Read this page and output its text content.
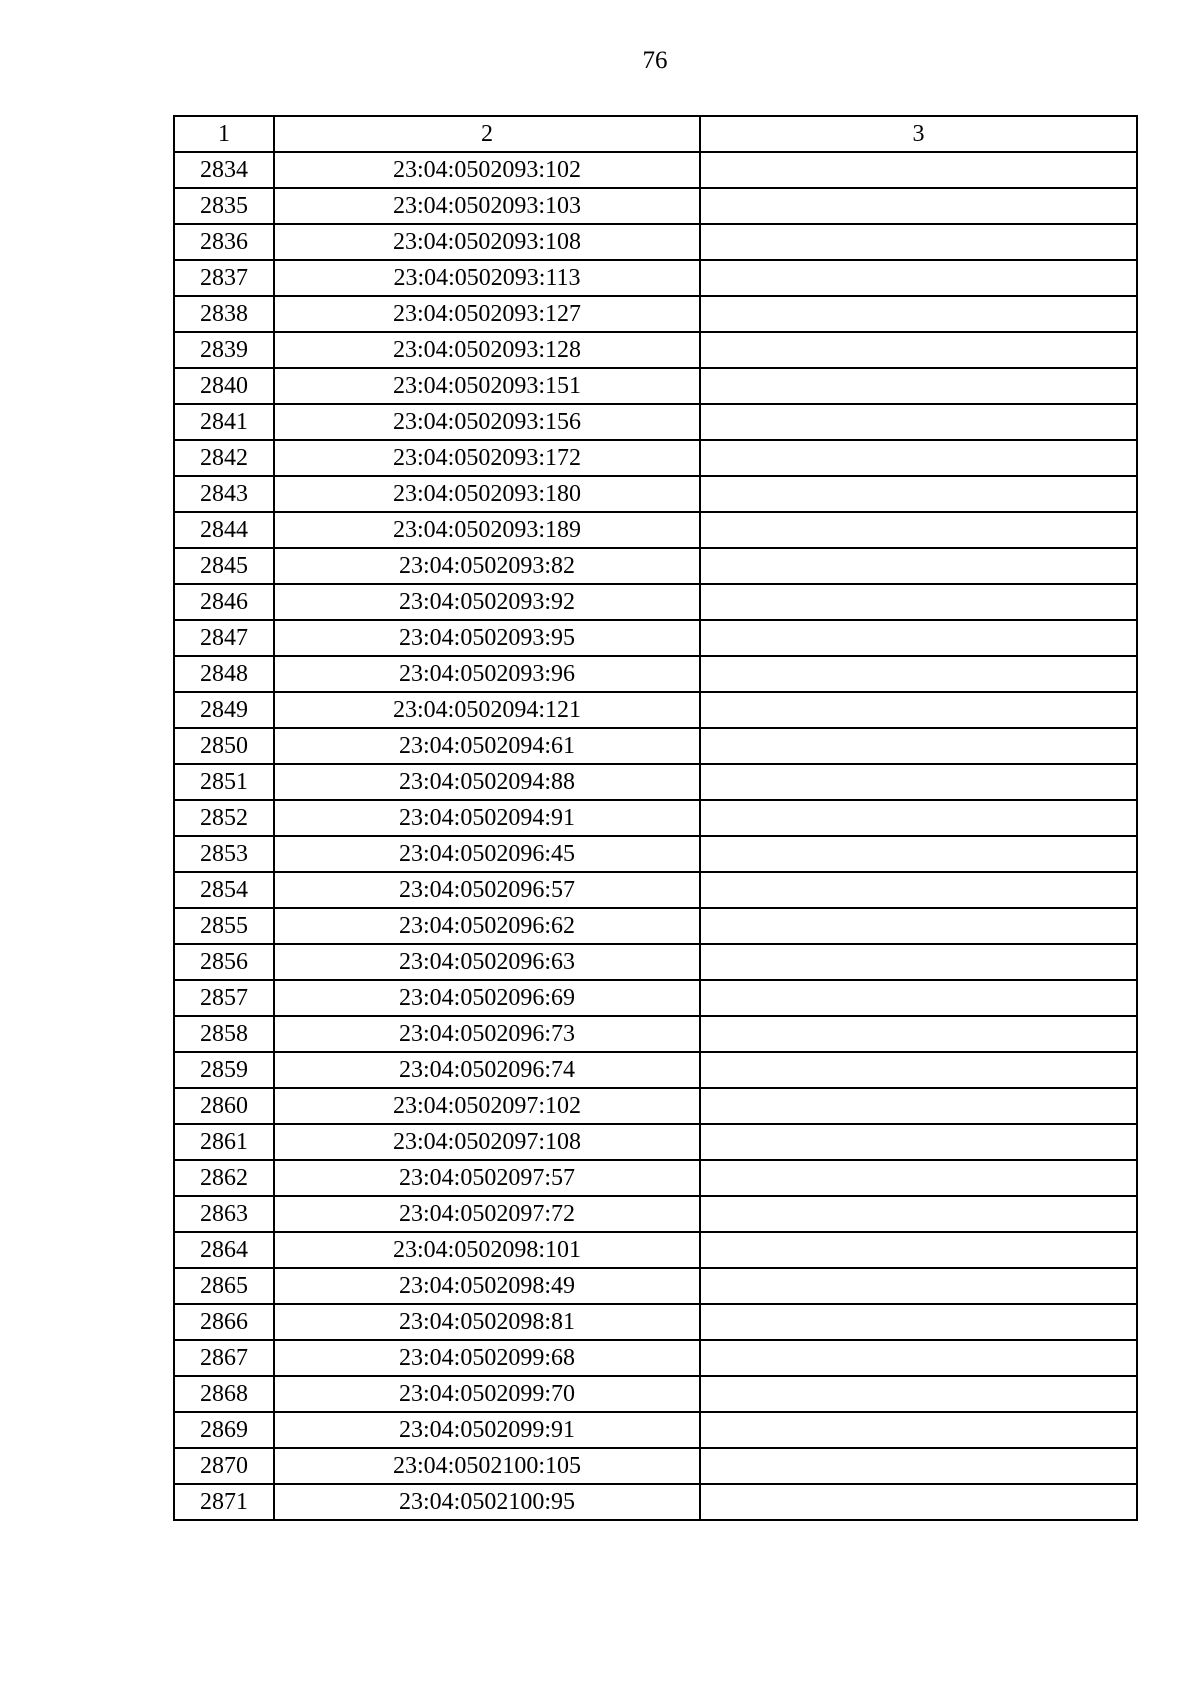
76
1	2	3
2834	23:04:0502093:102	
2835	23:04:0502093:103	
2836	23:04:0502093:108	
2837	23:04:0502093:113	
2838	23:04:0502093:127	
2839	23:04:0502093:128	
2840	23:04:0502093:151	
2841	23:04:0502093:156	
2842	23:04:0502093:172	
2843	23:04:0502093:180	
2844	23:04:0502093:189	
2845	23:04:0502093:82	
2846	23:04:0502093:92	
2847	23:04:0502093:95	
2848	23:04:0502093:96	
2849	23:04:0502094:121	
2850	23:04:0502094:61	
2851	23:04:0502094:88	
2852	23:04:0502094:91	
2853	23:04:0502096:45	
2854	23:04:0502096:57	
2855	23:04:0502096:62	
2856	23:04:0502096:63	
2857	23:04:0502096:69	
2858	23:04:0502096:73	
2859	23:04:0502096:74	
2860	23:04:0502097:102	
2861	23:04:0502097:108	
2862	23:04:0502097:57	
2863	23:04:0502097:72	
2864	23:04:0502098:101	
2865	23:04:0502098:49	
2866	23:04:0502098:81	
2867	23:04:0502099:68	
2868	23:04:0502099:70	
2869	23:04:0502099:91	
2870	23:04:0502100:105	
2871	23:04:0502100:95	
